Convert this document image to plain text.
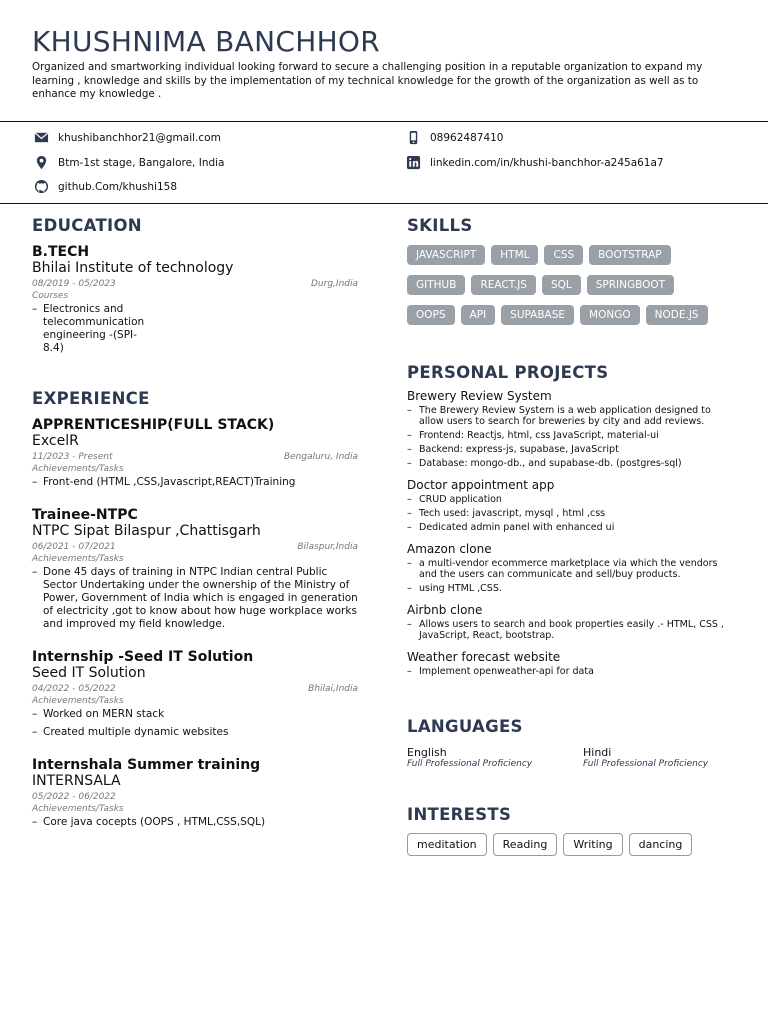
KHUSHNIMA BANCHHOR
Organized and smartworking individual looking forward to secure a challenging position in a reputable organization to expand my learning , knowledge and skills by the implementation of my technical knowledge for the growth of the organization as well as to enhance my knowledge .
khushibanchhor21@gmail.com	08962487410
Btm-1st stage, Bangalore, India	linkedin.com/in/khushi-banchhor-a245a61a7
github.Com/khushi158
EDUCATION
B.TECH
Bhilai Institute of technology
08/2019 - 05/2023	Durg,India
Courses
– Electronics and telecommunication engineering -(SPI-8.4)
EXPERIENCE
APPRENTICESHIP(FULL STACK)
ExcelR
11/2023 - Present	Bengaluru, India
Achievements/Tasks
– Front-end (HTML ,CSS,Javascript,REACT)Training
Trainee-NTPC
NTPC Sipat Bilaspur ,Chattisgarh
06/2021 - 07/2021	Bilaspur,India
Achievements/Tasks
– Done 45 days of training in NTPC Indian central Public Sector Undertaking under the ownership of the Ministry of Power, Government of India which is engaged in generation of electricity ,got to know about how huge workplace works and improved my field knowledge.
Internship -Seed IT Solution
Seed IT Solution
04/2022 - 05/2022	Bhilai,India
Achievements/Tasks
– Worked on MERN stack
– Created multiple dynamic websites
Internshala Summer training
INTERNSALA
05/2022 - 06/2022
Achievements/Tasks
– Core java cocepts (OOPS , HTML,CSS,SQL)
SKILLS
JAVASCRIPT	HTML	CSS	BOOTSTRAP
GITHUB	REACT.JS	SQL	SPRINGBOOT
OOPS	API	SUPABASE	MONGO	NODE.JS
PERSONAL PROJECTS
Brewery Review System
– The Brewery Review System is a web application designed to allow users to search for breweries by city and add reviews.
– Frontend: Reactjs, html, css JavaScript, material-ui
– Backend: express-js, supabase, JavaScript
– Database: mongo-db., and supabase-db. (postgres-sql)
Doctor appointment app
– CRUD application
– Tech used: javascript, mysql , html ,css
– Dedicated admin panel with enhanced ui
Amazon clone
– a multi-vendor ecommerce marketplace via which the vendors and the users can communicate and sell/buy products.
– using HTML ,CSS.
Airbnb clone
– Allows users to search and book properties easily .- HTML, CSS , JavaScript, React, bootstrap.
Weather forecast website
– Implement openweather-api for data
LANGUAGES
English
Full Professional Proficiency
Hindi
Full Professional Proficiency
INTERESTS
meditation	Reading	Writing	dancing
